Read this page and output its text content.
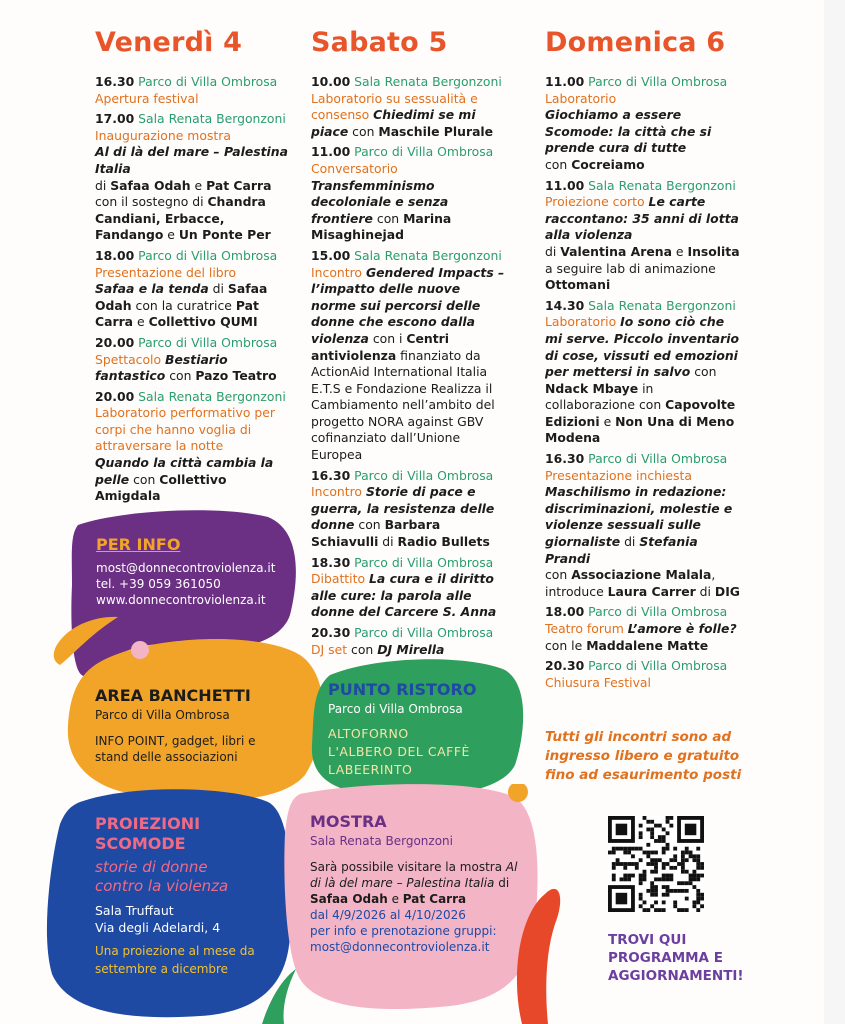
Venerdì 4
16.30 Parco di Villa Ombrosa
Apertura festival
17.00 Sala Renata Bergonzoni
Inaugurazione mostra
Al di là del mare – Palestina Italia
di Safaa Odah e Pat Carra
con il sostegno di Chandra Candiani, Erbacce, Fandango e Un Ponte Per
18.00 Parco di Villa Ombrosa
Presentazione del libro
Safaa e la tenda di Safaa Odah con la curatrice Pat Carra e Collettivo QUMI
20.00 Parco di Villa Ombrosa
Spettacolo Bestiario fantastico con Pazo Teatro
20.00 Sala Renata Bergonzoni
Laboratorio performativo per corpi che hanno voglia di attraversare la notte
Quando la città cambia la pelle con Collettivo Amigdala
Sabato 5
10.00 Sala Renata Bergonzoni
Laboratorio su sessualità e consenso Chiedimi se mi piace con Maschile Plurale
11.00 Parco di Villa Ombrosa
Conversatorio
Transfemminismo decoloniale e senza frontiere con Marina Misaghinejad
15.00 Sala Renata Bergonzoni
Incontro Gendered Impacts – l’impatto delle nuove norme sui percorsi delle donne che escono dalla violenza con i Centri antiviolenza finanziato da ActionAid International Italia E.T.S e Fondazione Realizza il Cambiamento nell’ambito del progetto NORA against GBV cofinanziato dall’Unione Europea
16.30 Parco di Villa Ombrosa
Incontro Storie di pace e guerra, la resistenza delle donne con Barbara Schiavulli di Radio Bullets
18.30 Parco di Villa Ombrosa
Dibattito La cura e il diritto alle cure: la parola alle donne del Carcere S. Anna
20.30 Parco di Villa Ombrosa
DJ set con DJ Mirella
Domenica 6
11.00 Parco di Villa Ombrosa
Laboratorio
Giochiamo a essere Scomode: la città che si prende cura di tutte
con Cocreiamo
11.00 Sala Renata Bergonzoni
Proiezione corto Le carte raccontano: 35 anni di lotta alla violenza
di Valentina Arena e Insolita
a seguire lab di animazione Ottomani
14.30 Sala Renata Bergonzoni
Laboratorio Io sono ciò che mi serve. Piccolo inventario di cose, vissuti ed emozioni per mettersi in salvo con Ndack Mbaye in collaborazione con Capovolte Edizioni e Non Una di Meno Modena
16.30 Parco di Villa Ombrosa
Presentazione inchiesta
Maschilismo in redazione: discriminazioni, molestie e violenze sessuali sulle giornaliste di Stefania Prandi
con Associazione Malala, introduce Laura Carrer di DIG
18.00 Parco di Villa Ombrosa
Teatro forum L’amore è folle?
con le Maddalene Matte
20.30 Parco di Villa Ombrosa
Chiusura Festival
PER INFO
most@donnecontroviolenza.it
tel. +39 059 361050
www.donnecontroviolenza.it
AREA BANCHETTI
Parco di Villa Ombrosa
INFO POINT, gadget, libri e stand delle associazioni
PUNTO RISTORO
Parco di Villa Ombrosa
ALTOFORNO
L'ALBERO DEL CAFFÈ
LABEERINTO
PROIEZIONI
SCOMODE
storie di donne
contro la violenza
Sala Truffaut
Via degli Adelardi, 4
Una proiezione al mese da settembre a dicembre
MOSTRA
Sala Renata Bergonzoni
Sarà possibile visitare la mostra Al di là del mare – Palestina Italia di Safaa Odah e Pat Carra
dal 4/9/2026 al 4/10/2026
per info e prenotazione gruppi:
most@donnecontroviolenza.it
Tutti gli incontri sono ad ingresso libero e gratuito fino ad esaurimento posti
TROVI QUI PROGRAMMA E AGGIORNAMENTI!
